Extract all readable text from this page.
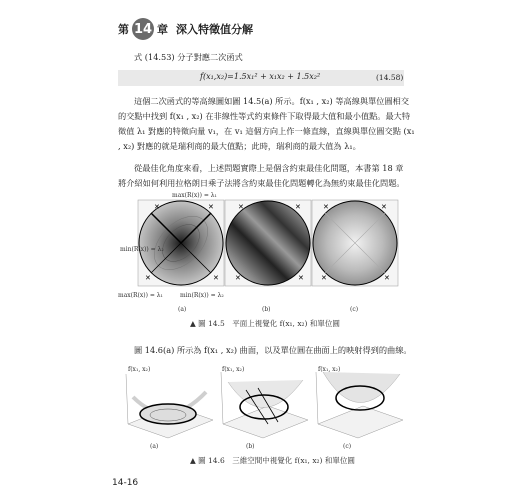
第 14 章 深入特徵值分解
式 (14.53) 分子對應二次函式
f(x₁,x₂)=1.5x₁² + x₁x₂ + 1.5x₂²	(14.58)
這個二次函式的等高線圖如圖 14.5(a) 所示。f(x₁ , x₂) 等高線與單位圓相交
的交點中找到 f(x₁ , x₂) 在非線性等式約束條件下取得最大值和最小值點。最大特
徵值 λ₁ 對應的特徵向量 v₁，在 v₁ 這個方向上作一條直線，直線與單位圓交點 (x₁
, x₂) 對應的就是瑞利商的最大值點；此時，瑞利商的最大值為 λ₁。
從最佳化角度來看，上述問題實際上是個含約束最佳化問題，本書第 18 章
將介紹如何利用拉格朗日乘子法將含約束最佳化問題轉化為無約束最佳化問題。
✕	✕
✕	✕
✕	✕
✕	✕
✕	✕
✕	✕
max(R(x)) = λ₁
min(R(x)) = λ₂
max(R(x)) = λ₁	min(R(x)) = λ₂
(a)	(b)	(c)
▲ 圖 14.5　平面上視覺化 f(x₁, x₂) 和單位圓
圖 14.6(a) 所示為 f(x₁ , x₂) 曲面，以及單位圓在曲面上的映射得到的曲線。
f(x₁, x₂)	f(x₁, x₂)	f(x₁, x₂)
(a)	(b)	(c)
▲ 圖 14.6　三維空間中視覺化 f(x₁, x₂) 和單位圓
14-16
